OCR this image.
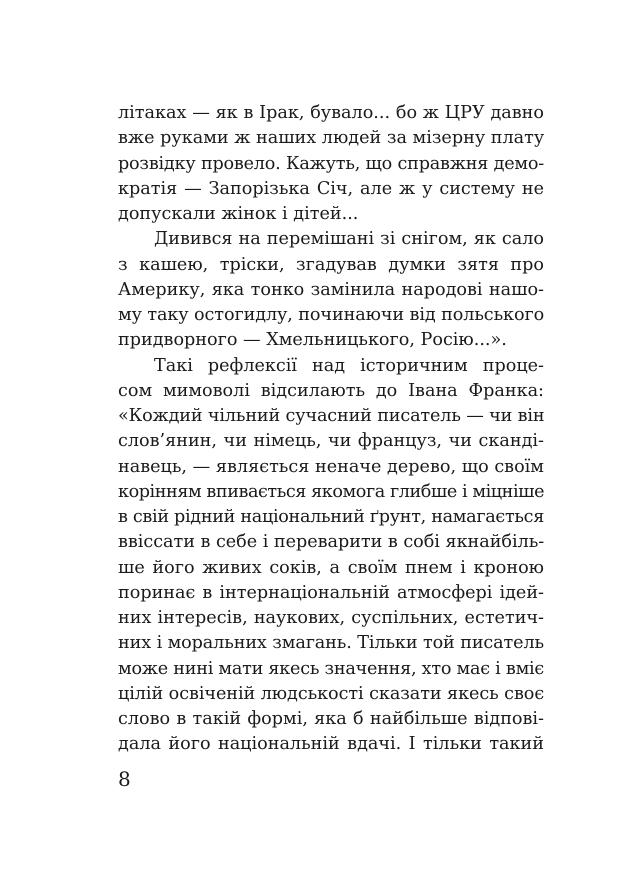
літаках — як в Ірак, бувало... бо ж ЦРУ давно
вже руками ж наших людей за мізерну плату
розвідку провело. Кажуть, що справжня демо-
кратія — Запорізька Січ, але ж у систему не
допускали жінок і дітей...
Дивився на перемішані зі снігом, як сало
з кашею, тріски, згадував думки зятя про
Америку, яка тонко замінила народові нашо-
му таку остогидлу, починаючи від польського
придворного — Хмельницького, Росію...».
Такі рефлексії над історичним проце-
сом мимоволі відсилають до Івана Франка:
«Кождий чільний сучасний писатель — чи він
слов’янин, чи німець, чи француз, чи сканді-
навець, — являється неначе дерево, що своїм
корінням впивається якомога глибше і міцніше
в свій рідний національний ґрунт, намагається
ввіссати в себе і переварити в собі якнайбіль-
ше його живих соків, а своїм пнем і кроною
поринає в інтернаціональній атмосфері ідей-
них інтересів, наукових, суспільних, естетич-
них і моральних змагань. Тільки той писатель
може нині мати якесь значення, хто має і вміє
цілій освіченій людськості сказати якесь своє
слово в такій формі, яка б найбільше відпові-
дала його національній вдачі. І тільки такий
8
